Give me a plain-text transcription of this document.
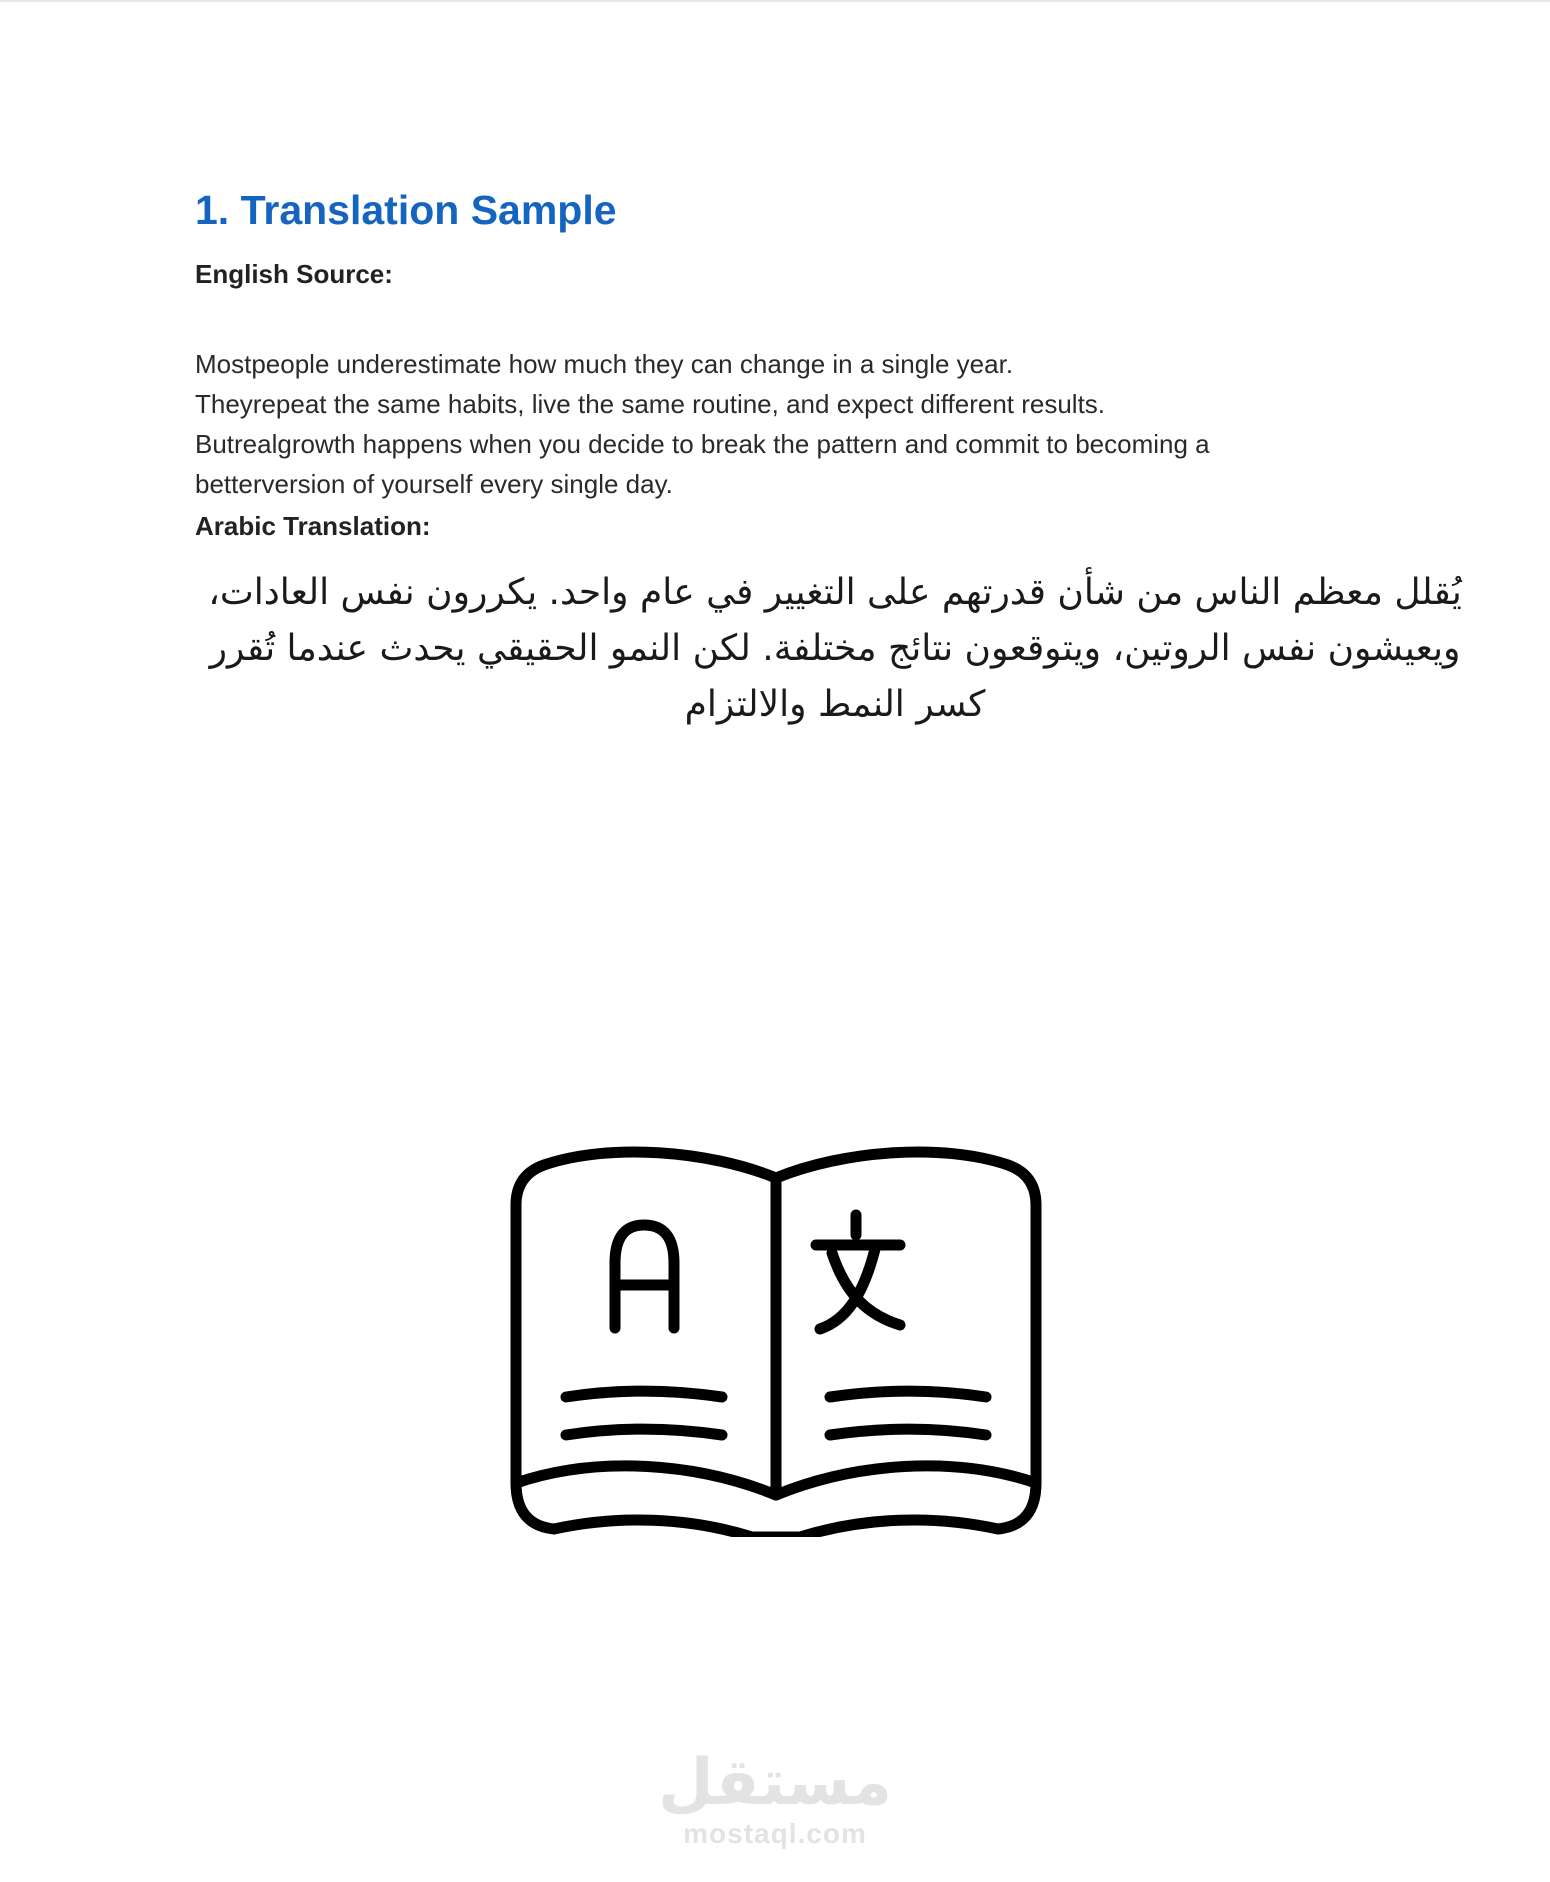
1. Translation Sample

English Source:

Mostpeople underestimate how much they can change in a single year.
Theyrepeat the same habits, live the same routine, and expect different results.
Butrealgrowth happens when you decide to break the pattern and commit to becoming a
betterversion of yourself every single day.

Arabic Translation:

يُقلل معظم الناس من شأن قدرتهم على التغيير في عام واحد. يكررون نفس العادات، ويعيشون نفس الروتين، ويتوقعون نتائج مختلفة. لكن النمو الحقيقي يحدث عندما تُقرر كسر النمط والالتزام
مستقل
mostaql.com
